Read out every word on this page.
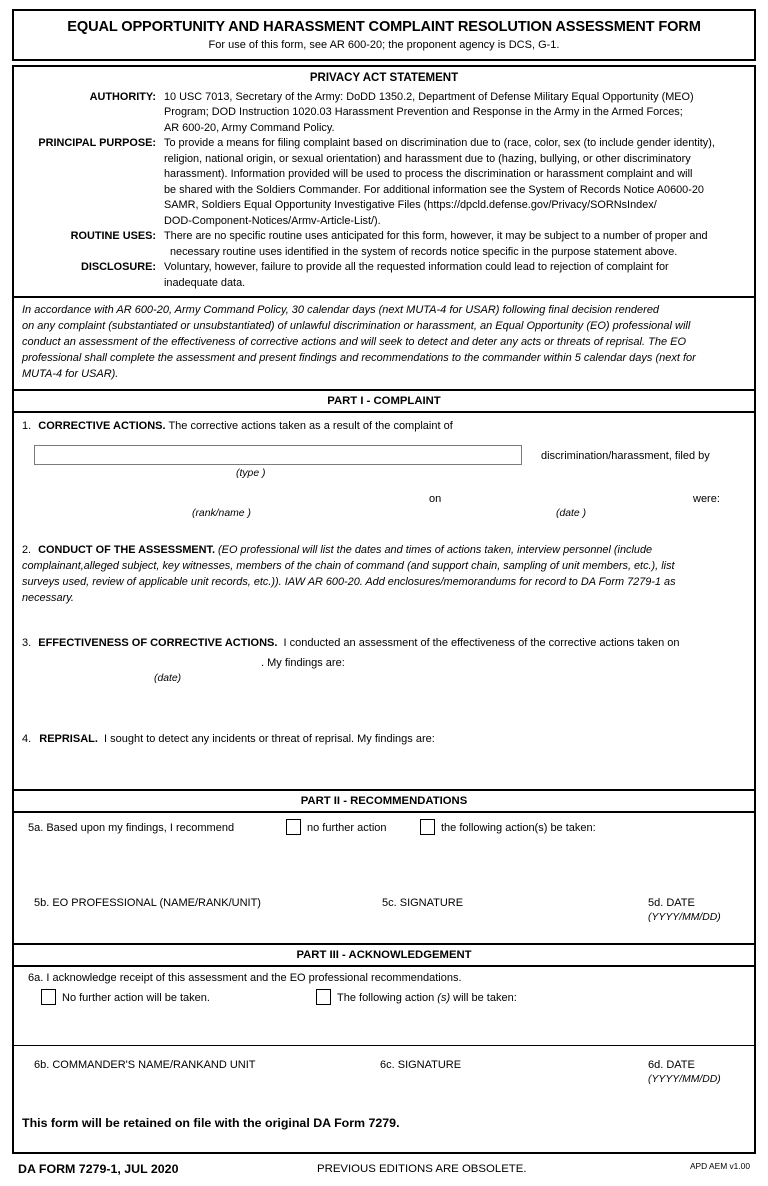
EQUAL OPPORTUNITY AND HARASSMENT COMPLAINT RESOLUTION ASSESSMENT FORM
For use of this form, see AR 600-20; the proponent agency is DCS, G-1.
PRIVACY ACT STATEMENT
AUTHORITY: 10 USC 7013, Secretary of the Army: DoDD 1350.2, Department of Defense Military Equal Opportunity (MEO)

Program; DOD Instruction 1020.03 Harassment Prevention and Response in the Army in the Armed Forces;

AR 600-20, Army Command Policy.

PRINCIPAL PURPOSE: To provide a means for filing complaint based on discrimination due to (race, color, sex (to include gender identity),

religion, national origin, or sexual orientation) and harassment due to (hazing, bullying, or other discriminatory

harassment). Information provided will be used to process the discrimination or harassment complaint and will

be shared with the Soldiers Commander. For additional information see the System of Records Notice A0600-20

SAMR, Soldiers Equal Opportunity Investigative Files (https://dpcld.defense.gov/Privacy/SORNsIndex/

DOD-Component-Notices/Armv-Article-List/).

ROUTINE USES: There are no specific routine uses anticipated for this form, however, it may be subject to a number of proper and

necessary routine uses identified in the system of records notice specific in the purpose statement above.

DISCLOSURE: Voluntary, however, failure to provide all the requested information could lead to rejection of complaint for

inadequate data.

In accordance with AR 600-20, Army Command Policy, 30 calendar days (next MUTA-4 for USAR) following final decision rendered

on any complaint (substantiated or unsubstantiated) of unlawful discrimination or harassment, an Equal Opportunity (EO) professional will

conduct an assessment of the effectiveness of corrective actions and will seek to detect and deter any acts or threats of reprisal. The EO

professional shall complete the assessment and present findings and recommendations to the commander within 5 calendar days (next for

MUTA-4 for USAR).

PART I - COMPLAINT
1. CORRECTIVE ACTIONS. The corrective actions taken as a result of the complaint of
(type )
discrimination/harassment, filed by
on	were:
(rank/name )	(date )
2. CONDUCT OF THE ASSESSMENT. (EO professional will list the dates and times of actions taken, interview personnel (include
complainant,alleged subject, key witnesses, members of the chain of command (and support chain, sampling of unit members, etc.), list
surveys used, review of applicable unit records, etc.)). IAW AR 600-20. Add enclosures/memorandums for record to DA Form 7279-1 as
necessary.
3. EFFECTIVENESS OF CORRECTIVE ACTIONS. I conducted an assessment of the effectiveness of the corrective actions taken on
. My findings are:
(date)
4. REPRISAL. I sought to detect any incidents or threat of reprisal. My findings are:
PART II - RECOMMENDATIONS
5a. Based upon my findings, I recommend	no further action	the following action(s) be taken:
5b. EO PROFESSIONAL (NAME/RANK/UNIT)	5c. SIGNATURE	5d. DATE
(YYYY/MM/DD)
PART III - ACKNOWLEDGEMENT
6a. I acknowledge receipt of this assessment and the EO professional recommendations.
No further action will be taken.	The following action (s) will be taken:
6b. COMMANDER'S NAME/RANKAND UNIT	6c. SIGNATURE	6d. DATE
(YYYY/MM/DD)
This form will be retained on file with the original DA Form 7279.
DA FORM 7279-1, JUL 2020	PREVIOUS EDITIONS ARE OBSOLETE.	APD AEM v1.00
